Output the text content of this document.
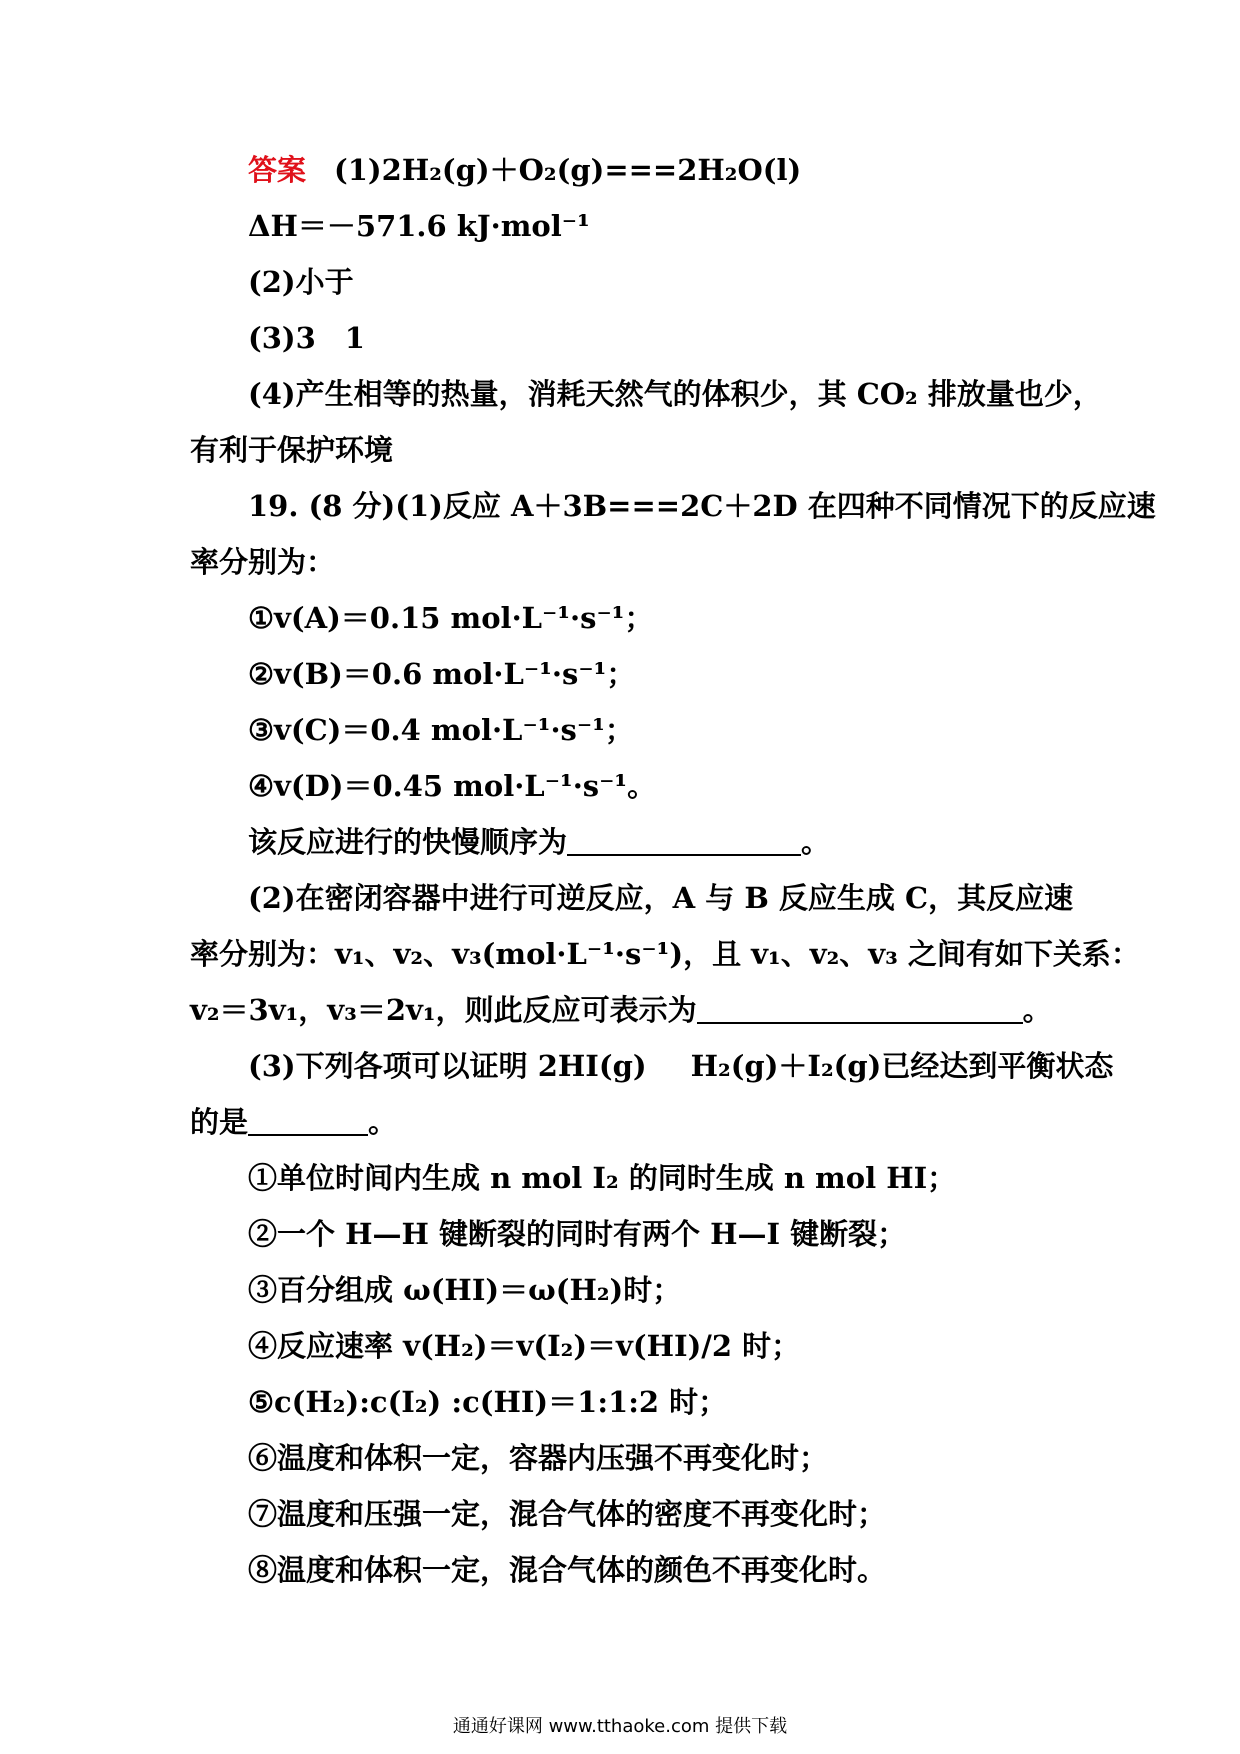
答案 (1)2H₂(g)＋O₂(g)===2H₂O(l)
ΔH＝－571.6 kJ·mol⁻¹
(2)小于
(3)3　1
(4)产生相等的热量，消耗天然气的体积少，其 CO₂ 排放量也少，
有利于保护环境
19. (8 分)(1)反应 A＋3B===2C＋2D 在四种不同情况下的反应速
率分别为：
①v(A)＝0.15 mol·L⁻¹·s⁻¹；
②v(B)＝0.6 mol·L⁻¹·s⁻¹；
③v(C)＝0.4 mol·L⁻¹·s⁻¹；
④v(D)＝0.45 mol·L⁻¹·s⁻¹。
该反应进行的快慢顺序为	。
(2)在密闭容器中进行可逆反应，A 与 B 反应生成 C，其反应速
率分别为：v₁、v₂、v₃(mol·L⁻¹·s⁻¹)，且 v₁、v₂、v₃ 之间有如下关系：
v₂＝3v₁，v₃＝2v₁，则此反应可表示为	。
(3)下列各项可以证明 2HI(g) H₂(g)＋I₂(g)已经达到平衡状态
的是	。
①单位时间内生成 n mol I₂ 的同时生成 n mol HI；
②一个 H—H 键断裂的同时有两个 H—I 键断裂；
③百分组成 ω(HI)＝ω(H₂)时；
④反应速率 v(H₂)＝v(I₂)＝v(HI)/2 时；
⑤c(H₂):c(I₂) :c(HI)＝1:1:2 时；
⑥温度和体积一定，容器内压强不再变化时；
⑦温度和压强一定，混合气体的密度不再变化时；
⑧温度和体积一定，混合气体的颜色不再变化时。
通通好课网 www.tthaoke.com 提供下载
